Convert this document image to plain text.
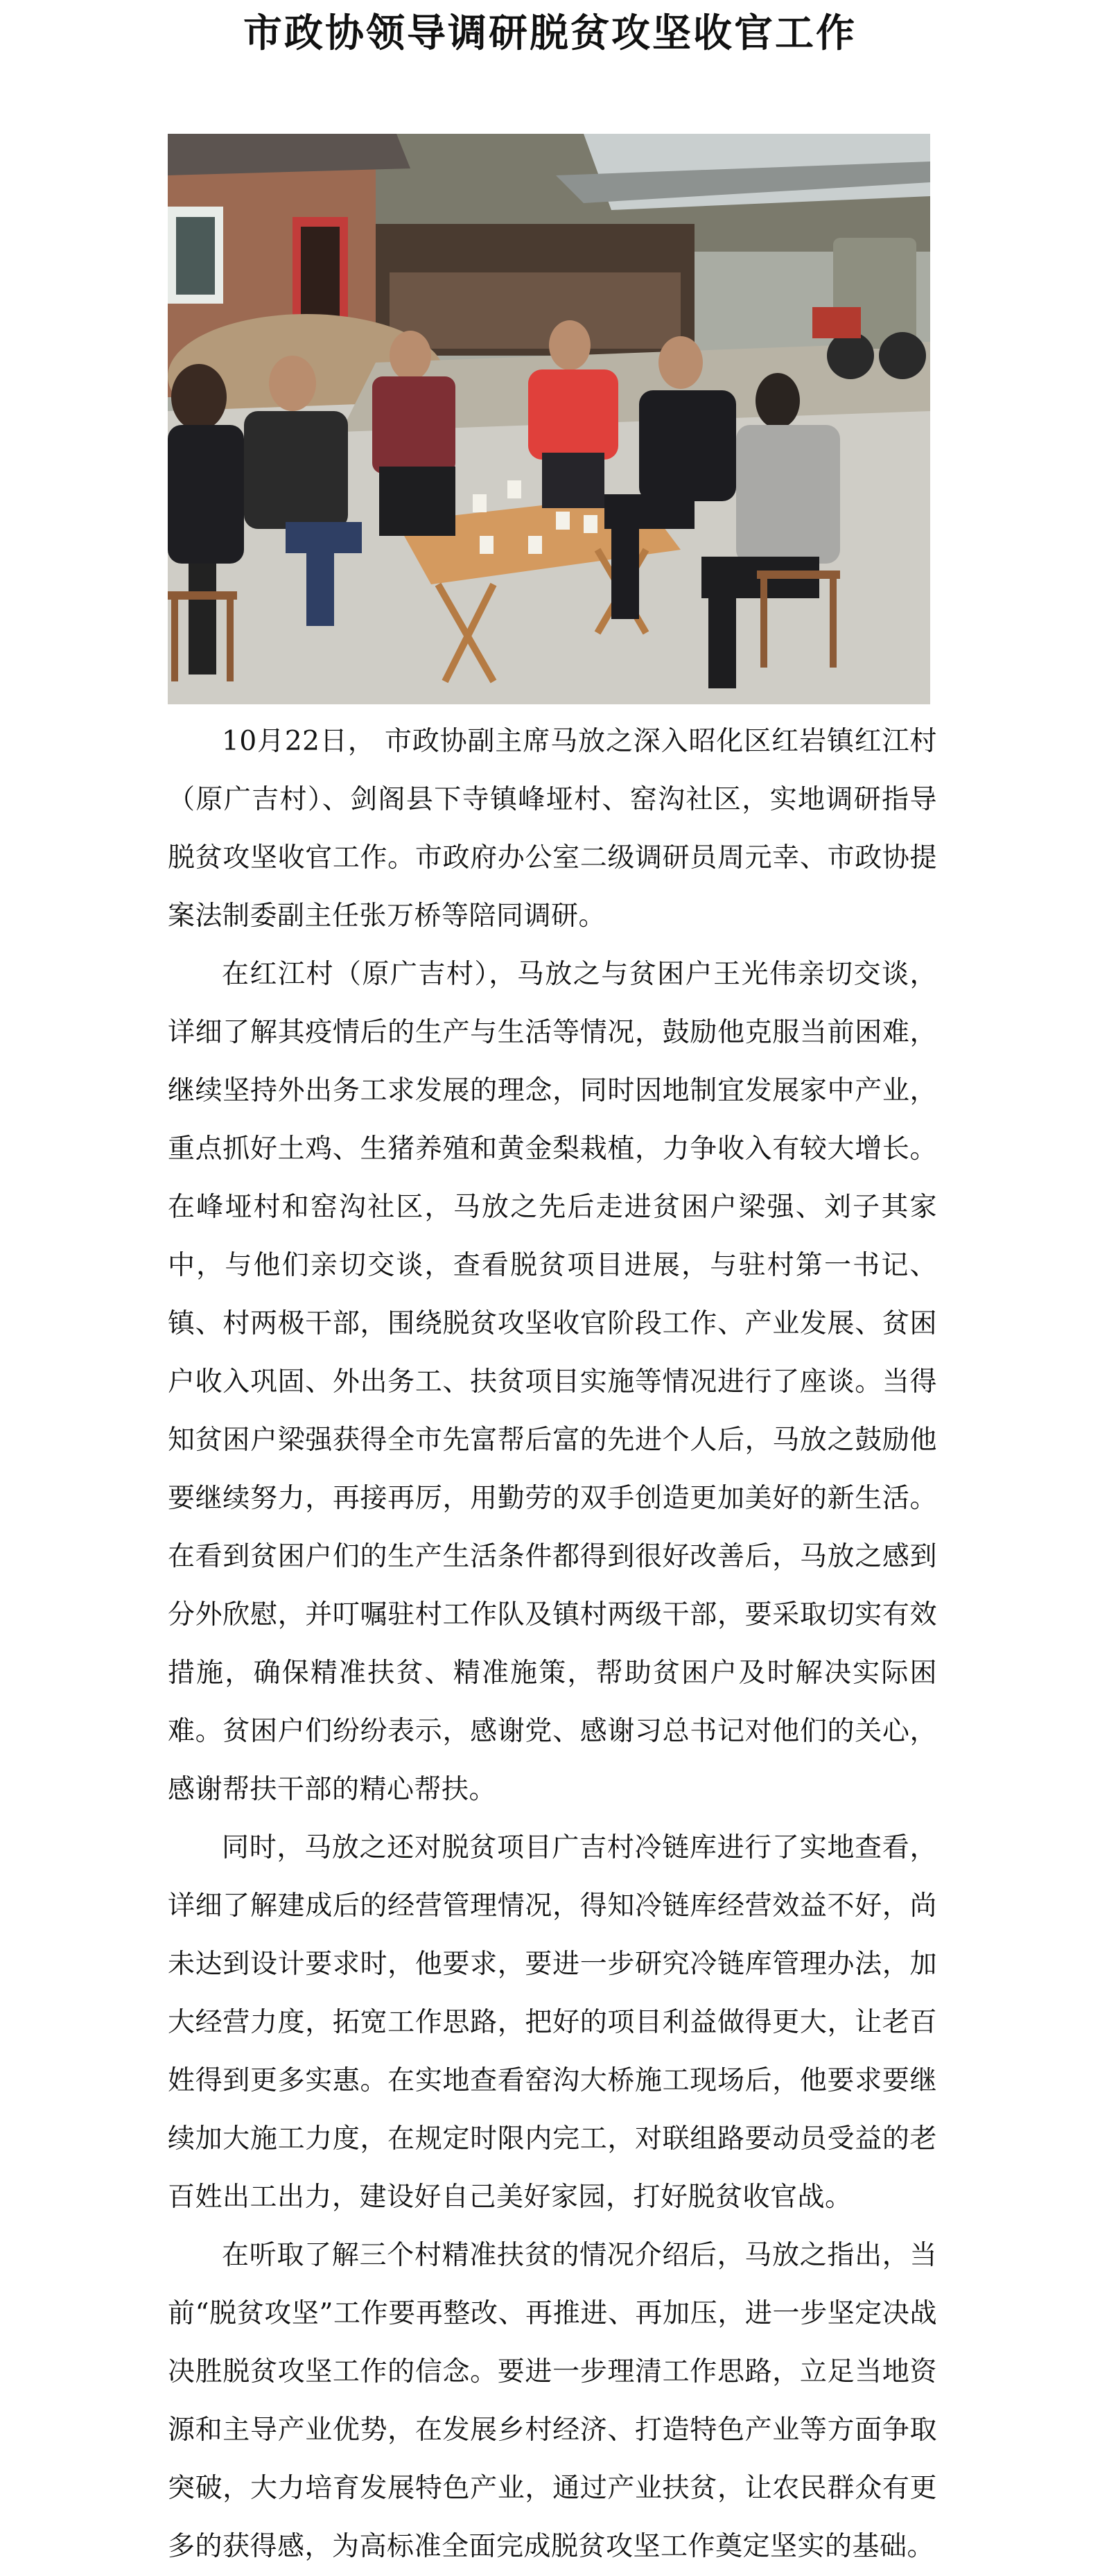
市政协领导调研脱贫攻坚收官工作

10月22日， 市政协副主席马放之深入昭化区红岩镇红江村（原广吉村）、剑阁县下寺镇峰垭村、窑沟社区，实地调研指导脱贫攻坚收官工作。市政府办公室二级调研员周元幸、市政协提案法制委副主任张万桥等陪同调研。

在红江村（原广吉村），马放之与贫困户王光伟亲切交谈，详细了解其疫情后的生产与生活等情况，鼓励他克服当前困难，继续坚持外出务工求发展的理念，同时因地制宜发展家中产业，重点抓好土鸡、生猪养殖和黄金梨栽植，力争收入有较大增长。在峰垭村和窑沟社区，马放之先后走进贫困户梁强、刘子其家中，与他们亲切交谈，查看脱贫项目进展，与驻村第一书记、镇、村两极干部，围绕脱贫攻坚收官阶段工作、产业发展、贫困户收入巩固、外出务工、扶贫项目实施等情况进行了座谈。当得知贫困户梁强获得全市先富帮后富的先进个人后，马放之鼓励他要继续努力，再接再厉，用勤劳的双手创造更加美好的新生活。在看到贫困户们的生产生活条件都得到很好改善后，马放之感到分外欣慰，并叮嘱驻村工作队及镇村两级干部，要采取切实有效措施，确保精准扶贫、精准施策，帮助贫困户及时解决实际困难。贫困户们纷纷表示，感谢党、感谢习总书记对他们的关心，感谢帮扶干部的精心帮扶。

同时，马放之还对脱贫项目广吉村冷链库进行了实地查看，详细了解建成后的经营管理情况，得知冷链库经营效益不好，尚未达到设计要求时，他要求，要进一步研究冷链库管理办法，加大经营力度，拓宽工作思路，把好的项目利益做得更大，让老百姓得到更多实惠。在实地查看窑沟大桥施工现场后，他要求要继续加大施工力度，在规定时限内完工，对联组路要动员受益的老百姓出工出力，建设好自己美好家园，打好脱贫收官战。

在听取了解三个村精准扶贫的情况介绍后，马放之指出，当前“脱贫攻坚”工作要再整改、再推进、再加压，进一步坚定决战决胜脱贫攻坚工作的信念。要进一步理清工作思路，立足当地资源和主导产业优势，在发展乡村经济、打造特色产业等方面争取突破，大力培育发展特色产业，通过产业扶贫，让农民群众有更多的获得感，为高标准全面完成脱贫攻坚工作奠定坚实的基础。
